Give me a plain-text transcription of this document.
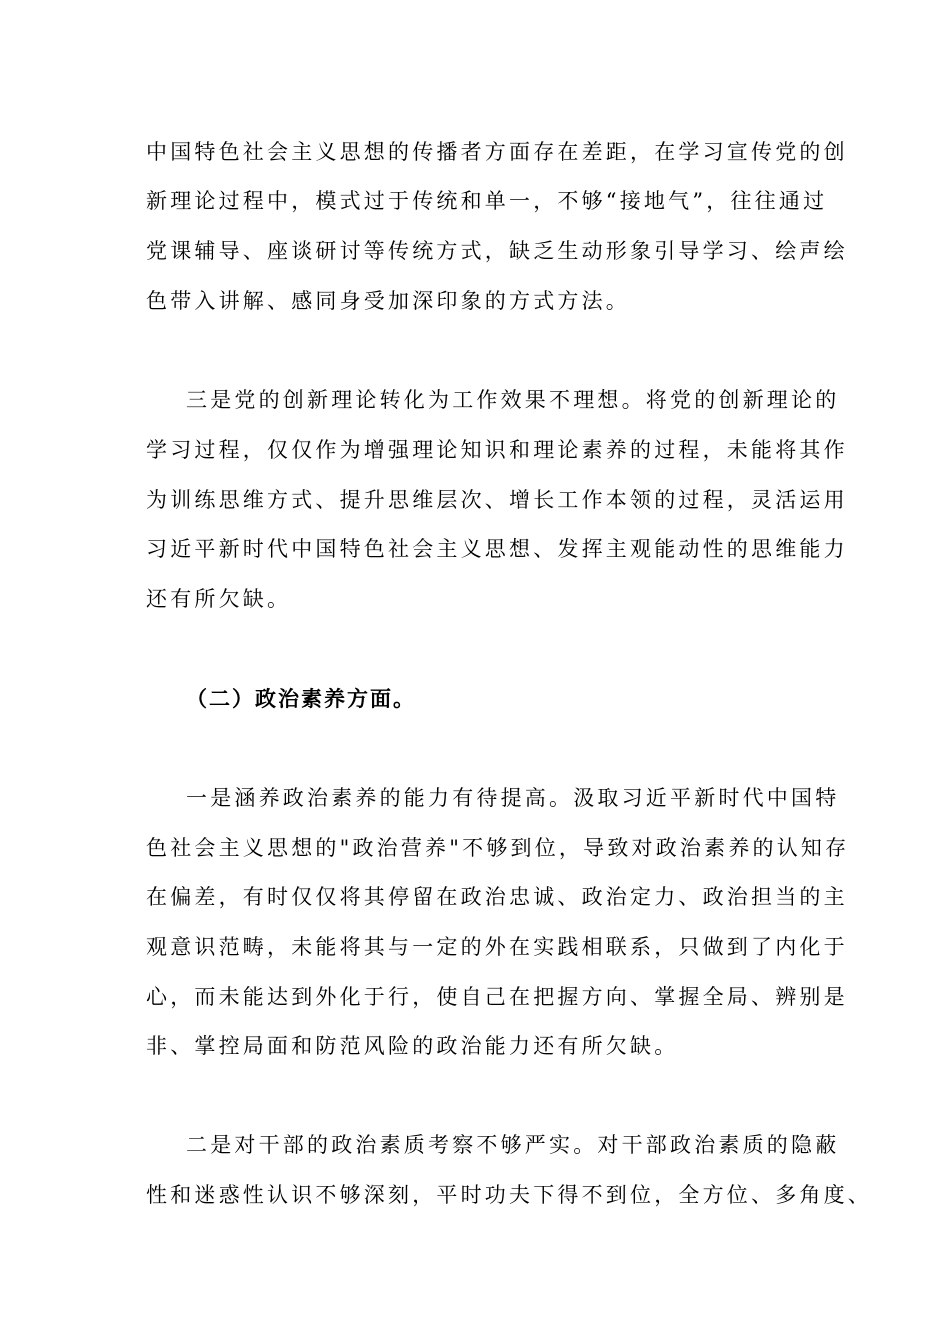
中国特色社会主义思想的传播者方面存在差距，在学习宣传党的创
新理论过程中，模式过于传统和单一，不够“接地气”，往往通过
党课辅导、座谈研讨等传统方式，缺乏生动形象引导学习、绘声绘
色带入讲解、感同身受加深印象的方式方法。
三是党的创新理论转化为工作效果不理想。将党的创新理论的
学习过程，仅仅作为增强理论知识和理论素养的过程，未能将其作
为训练思维方式、提升思维层次、增长工作本领的过程，灵活运用
习近平新时代中国特色社会主义思想、发挥主观能动性的思维能力
还有所欠缺。
（二）政治素养方面。
一是涵养政治素养的能力有待提高。汲取习近平新时代中国特
色社会主义思想的"政治营养"不够到位，导致对政治素养的认知存
在偏差，有时仅仅将其停留在政治忠诚、政治定力、政治担当的主
观意识范畴，未能将其与一定的外在实践相联系，只做到了内化于
心，而未能达到外化于行，使自己在把握方向、掌握全局、辨别是
非、掌控局面和防范风险的政治能力还有所欠缺。
二是对干部的政治素质考察不够严实。对干部政治素质的隐蔽
性和迷惑性认识不够深刻，平时功夫下得不到位，全方位、多角度、
